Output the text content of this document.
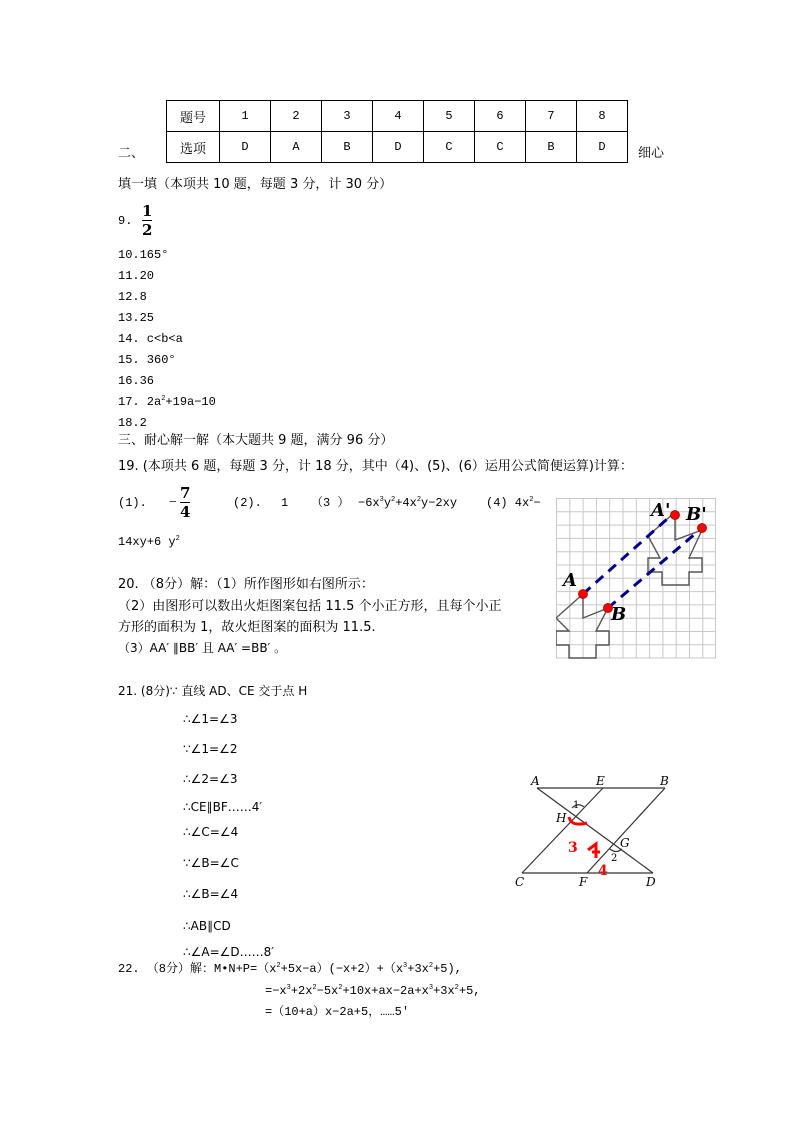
二、
题号	1	2	3	4	5	6	7	8
选项	D	A	B	D	C	C	B	D 细心
填一填（本项共 10 题，每题 3 分，计 30 分）
9.
1
2
10.165°
11.20
12.8
13.25
14. c<b<a
15. 360°
16.36
17. $2a^2+19a-10$
18.2
三、耐心解一解（本大题共 9 题，满分 96 分）
19. (本项共 6 题，每题 3 分，计 18 分，其中（4)、(5)、(6）运用公式简便运算)计算：
(1). −
7
4	(2). 1 （3 ） $-6x^3y^2+4x^2y-2xy$ (4) $4x^2-$
14xy+6 $y^2$
A
B
A' B'
20. （8分）解：（1）所作图形如右图所示：
（2）由图形可以数出火炬图案包括 11.5 个小正方形，且每个小正
方形的面积为 1，故火炬图案的面积为 11.5.
（3）AA′ ∥BB′ 且 AA′ =BB′ 。
21. (8分)∵ 直线 AD、CE 交于点 H
∴∠1=∠3
∵∠1=∠2
∴∠2=∠3
∴CE∥BF……4′
∴∠C=∠4
∵∠B=∠C
∴∠B=∠4
∴AB∥CD
∴∠A=∠D……8′
3
4
A	E	B
C	F	D
H
G
1
2
22. （8分）解：$M•N+P=(x^2+5x-a)(-x+2)+(x^3+3x^2+5)$,
$=-x^3+2x^2-5x^2+10x+ax-2a+x^3+3x^2+5$,
=（10+a）x−2a+5，……5′
